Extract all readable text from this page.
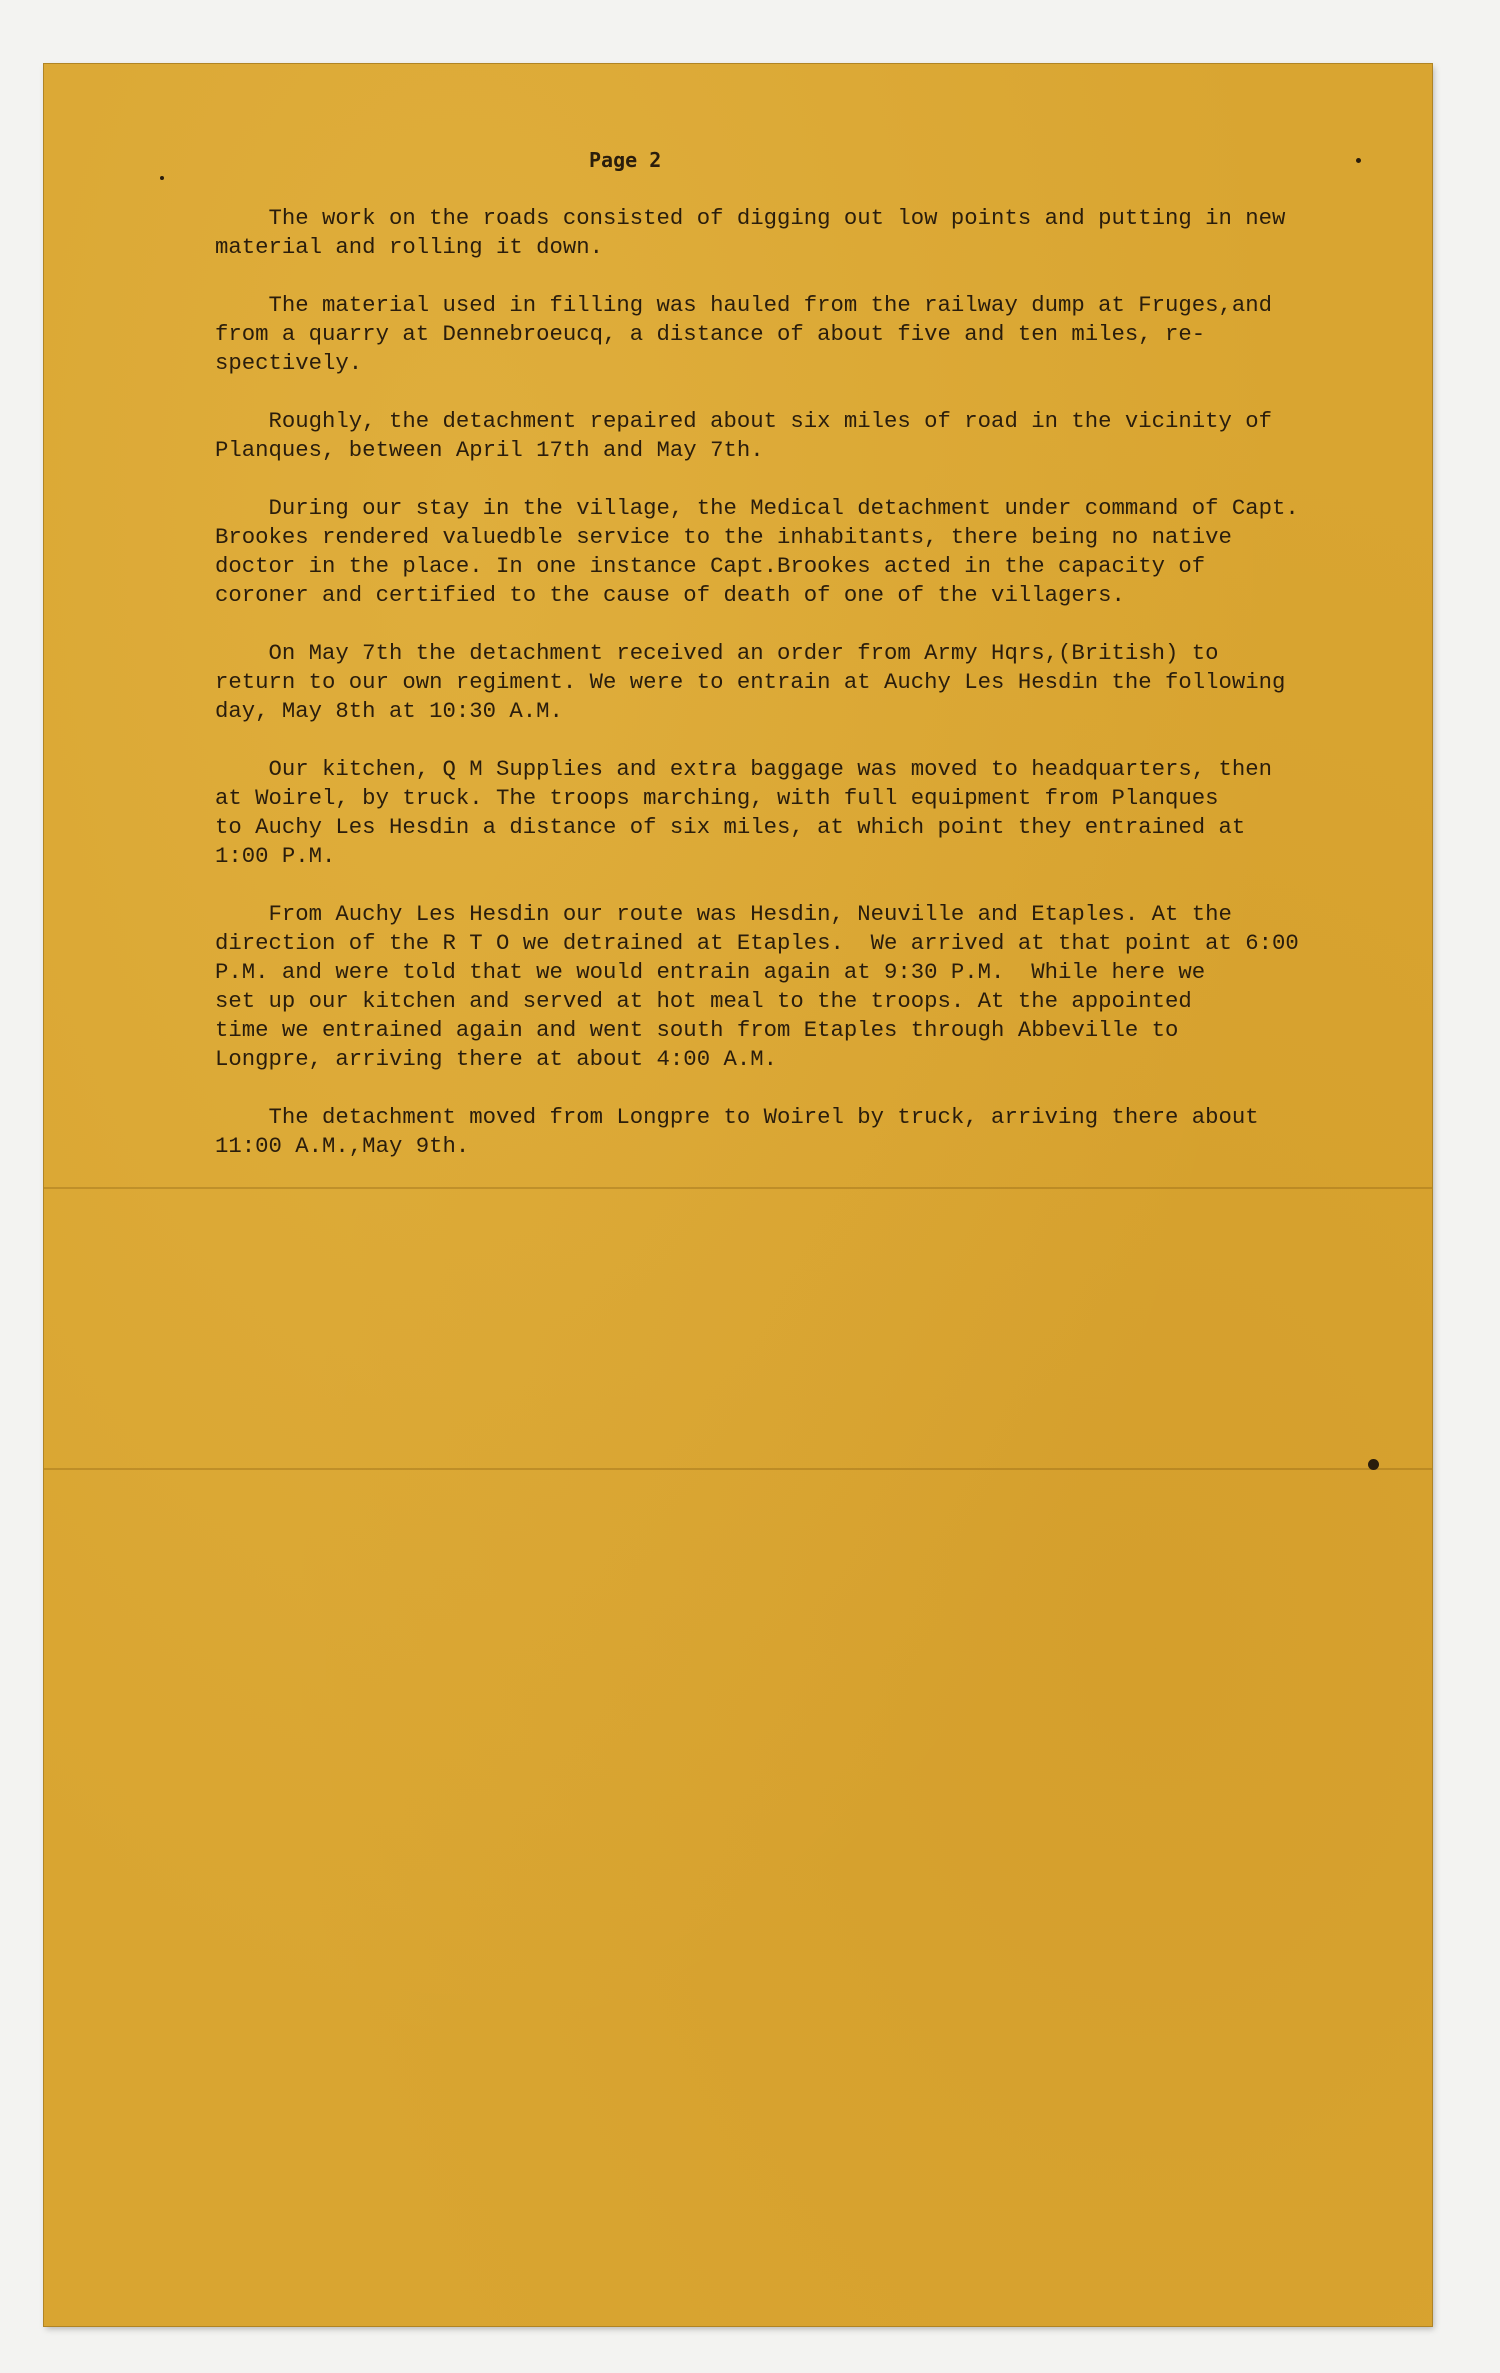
Page 2

The work on the roads consisted of digging out low points and putting in new
material and rolling it down.

The material used in filling was hauled from the railway dump at Fruges,and
from a quarry at Dennebroeucq, a distance of about five and ten miles, re-
spectively.

Roughly, the detachment repaired about six miles of road in the vicinity of
Planques, between April 17th and May 7th.

During our stay in the village, the Medical detachment under command of Capt.
Brookes rendered valuedble service to the inhabitants, there being no native
doctor in the place. In one instance Capt.Brookes acted in the capacity of
coroner and certified to the cause of death of one of the villagers.

On May 7th the detachment received an order from Army Hqrs,(British) to
return to our own regiment. We were to entrain at Auchy Les Hesdin the following
day, May 8th at 10:30 A.M.

Our kitchen, Q M Supplies and extra baggage was moved to headquarters, then
at Woirel, by truck. The troops marching, with full equipment from Planques
to Auchy Les Hesdin a distance of six miles, at which point they entrained at
1:00 P.M.

From Auchy Les Hesdin our route was Hesdin, Neuville and Etaples. At the
direction of the R T O we detrained at Etaples.  We arrived at that point at 6:00
P.M. and were told that we would entrain again at 9:30 P.M.  While here we
set up our kitchen and served at hot meal to the troops. At the appointed
time we entrained again and went south from Etaples through Abbeville to
Longpre, arriving there at about 4:00 A.M.

The detachment moved from Longpre to Woirel by truck, arriving there about
11:00 A.M.,May 9th.
